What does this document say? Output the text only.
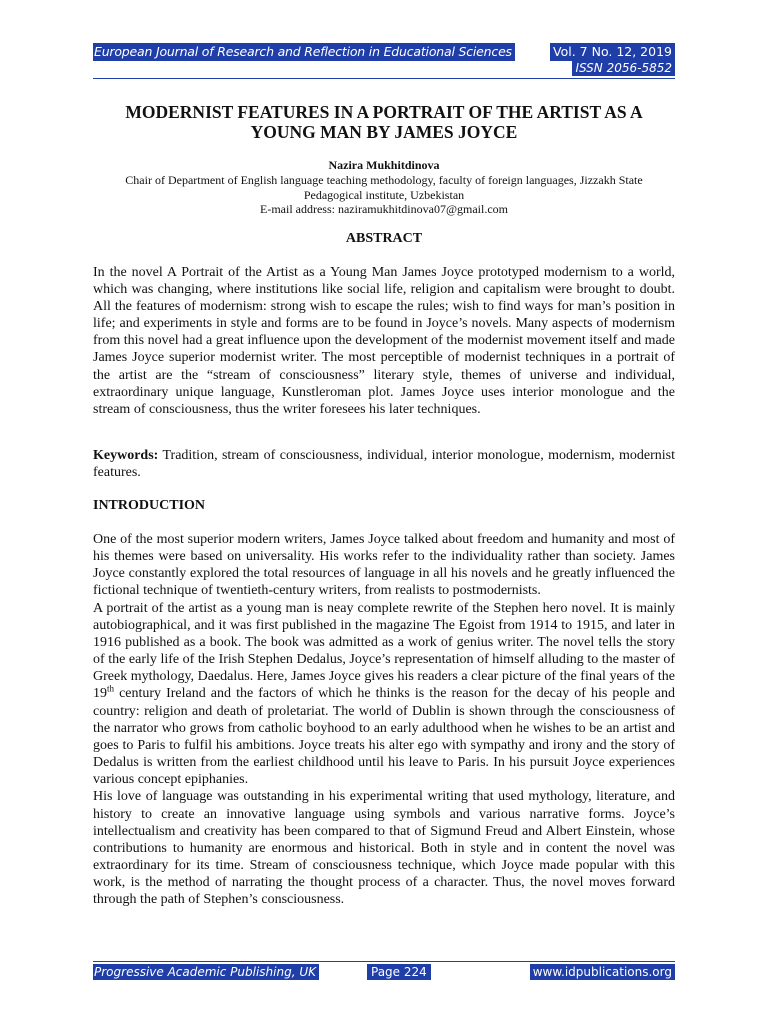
European Journal of Research and Reflection in Educational Sciences	Vol. 7 No. 12, 2019
ISSN 2056-5852
MODERNIST FEATURES IN A PORTRAIT OF THE ARTIST AS A
YOUNG MAN BY JAMES JOYCE
Nazira Mukhitdinova
Chair of Department of English language teaching methodology, faculty of foreign languages, Jizzakh State
Pedagogical institute, Uzbekistan
E-mail address: naziramukhitdinova07@gmail.com
ABSTRACT

In the novel A Portrait of the Artist as a Young Man James Joyce prototyped modernism to a world, which was changing, where institutions like social life, religion and capitalism were brought to doubt. All the features of modernism: strong wish to escape the rules; wish to find ways for man’s position in life; and experiments in style and forms are to be found in Joyce’s novels. Many aspects of modernism from this novel had a great influence upon the development of the modernist movement itself and made James Joyce superior modernist writer. The most perceptible of modernist techniques in a portrait of the artist are the “stream of consciousness” literary style, themes of universe and individual, extraordinary unique language, Kunstleroman plot. James Joyce uses interior monologue and the stream of consciousness, thus the writer foresees his later techniques.

Keywords: Tradition, stream of consciousness, individual, interior monologue, modernism, modernist features.

INTRODUCTION

One of the most superior modern writers, James Joyce talked about freedom and humanity and most of his themes were based on universality. His works refer to the individuality rather than society. James Joyce constantly explored the total resources of language in all his novels and he greatly influenced the fictional technique of twentieth-century writers, from realists to postmodernists.

A portrait of the artist as a young man is neay complete rewrite of the Stephen hero novel. It is mainly autobiographical, and it was first published in the magazine The Egoist from 1914 to 1915, and later in 1916 published as a book. The book was admitted as a work of genius writer. The novel tells the story of the early life of the Irish Stephen Dedalus, Joyce’s representation of himself alluding to the master of Greek mythology, Daedalus. Here, James Joyce gives his readers a clear picture of the final years of the 19th century Ireland and the factors of which he thinks is the reason for the decay of his people and country: religion and death of proletariat. The world of Dublin is shown through the consciousness of the narrator who grows from catholic boyhood to an early adulthood when he wishes to be an artist and goes to Paris to fulfil his ambitions. Joyce treats his alter ego with sympathy and irony and the story of Dedalus is written from the earliest childhood until his leave to Paris. In his pursuit Joyce experiences various concept epiphanies.

His love of language was outstanding in his experimental writing that used mythology, literature, and history to create an innovative language using symbols and various narrative forms. Joyce’s intellectualism and creativity has been compared to that of Sigmund Freud and Albert Einstein, whose contributions to humanity are enormous and historical. Both in style and in content the novel was extraordinary for its time. Stream of consciousness technique, which Joyce made popular with this work, is the method of narrating the thought process of a character. Thus, the novel moves forward through the path of Stephen’s consciousness.

Progressive Academic Publishing, UK	Page 224	www.idpublications.org
